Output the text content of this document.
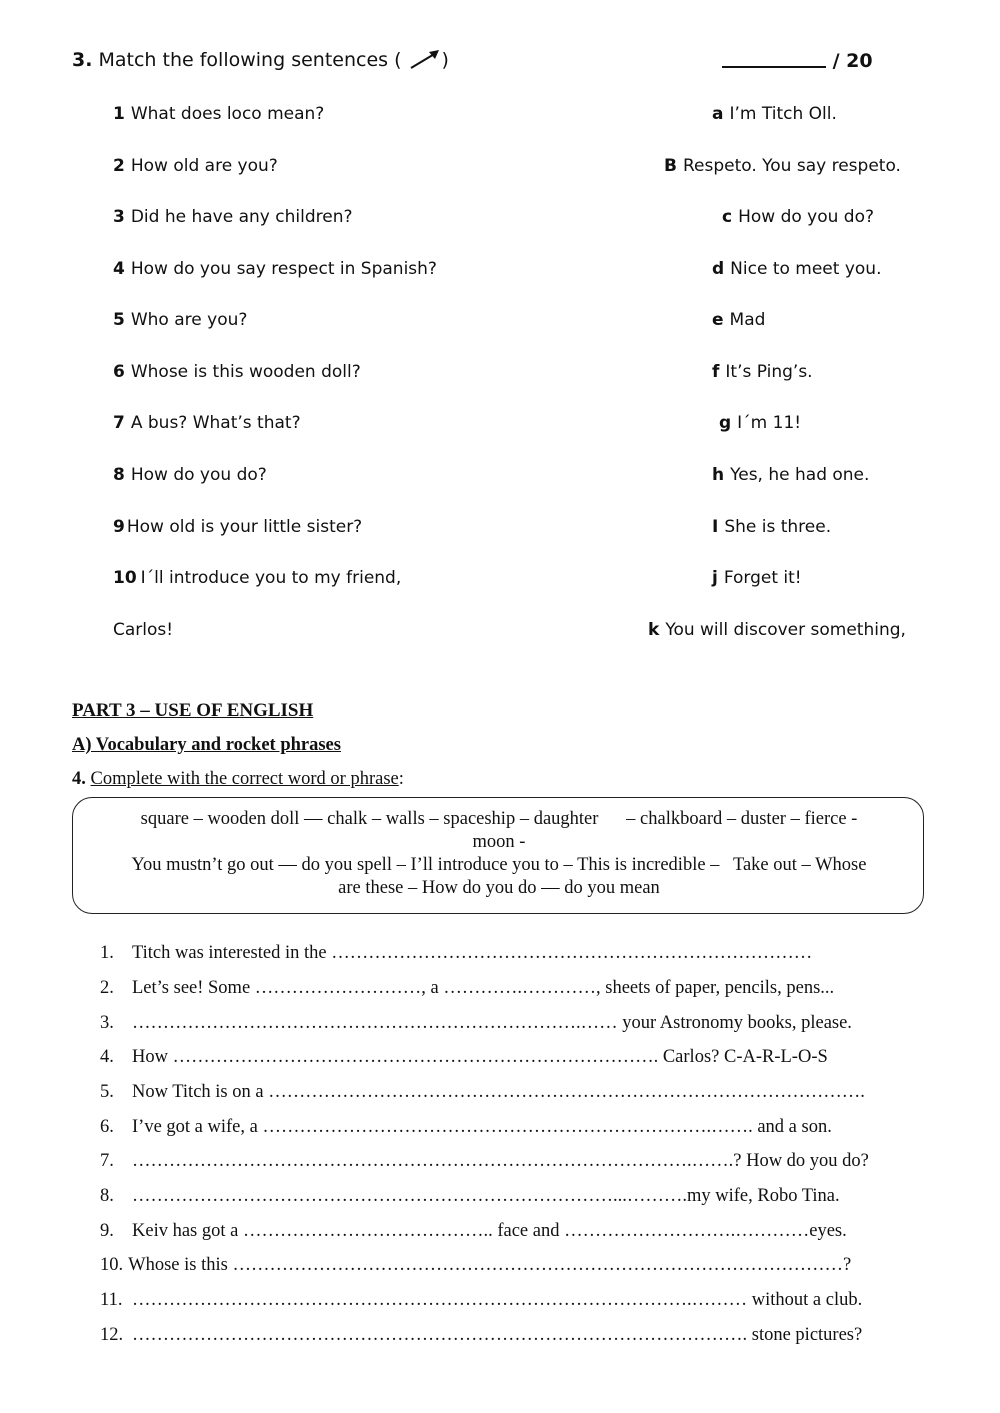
3. Match the following sentences ( )	/ 20
1 What does loco mean?
2 How old are you?
3 Did he have any children?
4 How do you say respect in Spanish?
5 Who are you?
6 Whose is this wooden doll?
7 A bus? What’s that?
8 How do you do?
9 How old is your little sister?
10 I´ll introduce you to my friend,
Carlos!
a I’m Titch Oll.
B Respeto. You say respeto.
c How do you do?
d Nice to meet you.
e Mad
f It’s Ping’s.
g I´m 11!
h Yes, he had one.
I She is three.
j Forget it!
k You will discover something,
PART 3 – USE OF ENGLISH
A) Vocabulary and rocket phrases
4. Complete with the correct word or phrase:
square – wooden doll — chalk – walls – spaceship – daughter      – chalkboard – duster – fierce -
moon -
You mustn’t go out — do you spell – I’ll introduce you to – This is incredible –   Take out – Whose
are these – How do you do — do you mean
1. Titch was interested in the ……………………………………………………………………
2. Let’s see! Some ………………………, a ………….…………, sheets of paper, pencils, pens...
3. ……………………………………………………………….…… your Astronomy books, please.
4. How ……………………………………………………………………. Carlos? C-A-R-L-O-S
5. Now Titch is on a …………………………………………………………………………………….
6. I’ve got a wife, a ……………………………………………………………….……. and a son.
7. ……………………………………………………………………………….…….? How do you do?
8. ……………………………………………………………………...……….my wife, Robo Tina.
9. Keiv has got a ………………………………….. face and ……………………….…………eyes.
10. Whose is this ………………………………………………………………………………………?
11. ……………………………………………………………………………….……… without a club.
12. ………………………………………………………………………………………. stone pictures?
